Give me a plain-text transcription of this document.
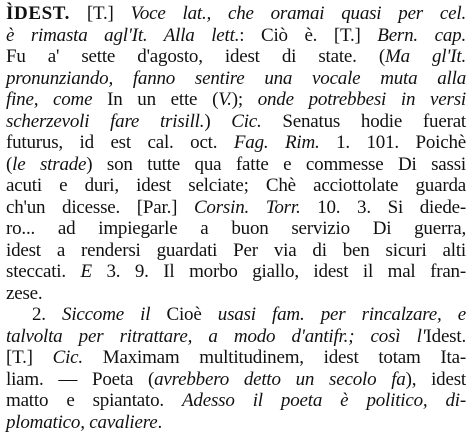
ÌDEST. [T.] Voce lat., che oramai quasi per cel.
è rimasta agl'It. Alla lett.: Ciò è. [T.] Bern. cap.
Fu a' sette d'agosto, idest di state. (Ma gl'It.
pronunziando, fanno sentire una vocale muta alla
fine, come In un ette (V.); onde potrebbesi in versi
scherzevoli fare trisill.) Cic. Senatus hodie fuerat
futurus, id est cal. oct. Fag. Rim. 1. 101. Poichè
(le strade) son tutte qua fatte e commesse Di sassi
acuti e duri, idest selciate; Chè acciottolate guarda
ch'un dicesse. [Par.] Corsin. Torr. 10. 3. Si diede-
ro... ad impiegarle a buon servizio Di guerra,
idest a rendersi guardati Per via di ben sicuri alti
steccati. E 3. 9. Il morbo giallo, idest il mal fran-
zese.
2. Siccome il Cioè usasi fam. per rincalzare, e
talvolta per ritrattare, a modo d'antifr.; così l'Idest.
[T.] Cic. Maximam multitudinem, idest totam Ita-
liam. — Poeta (avrebbero detto un secolo fa), idest
matto e spiantato. Adesso il poeta è politico, di-
plomatico, cavaliere.
